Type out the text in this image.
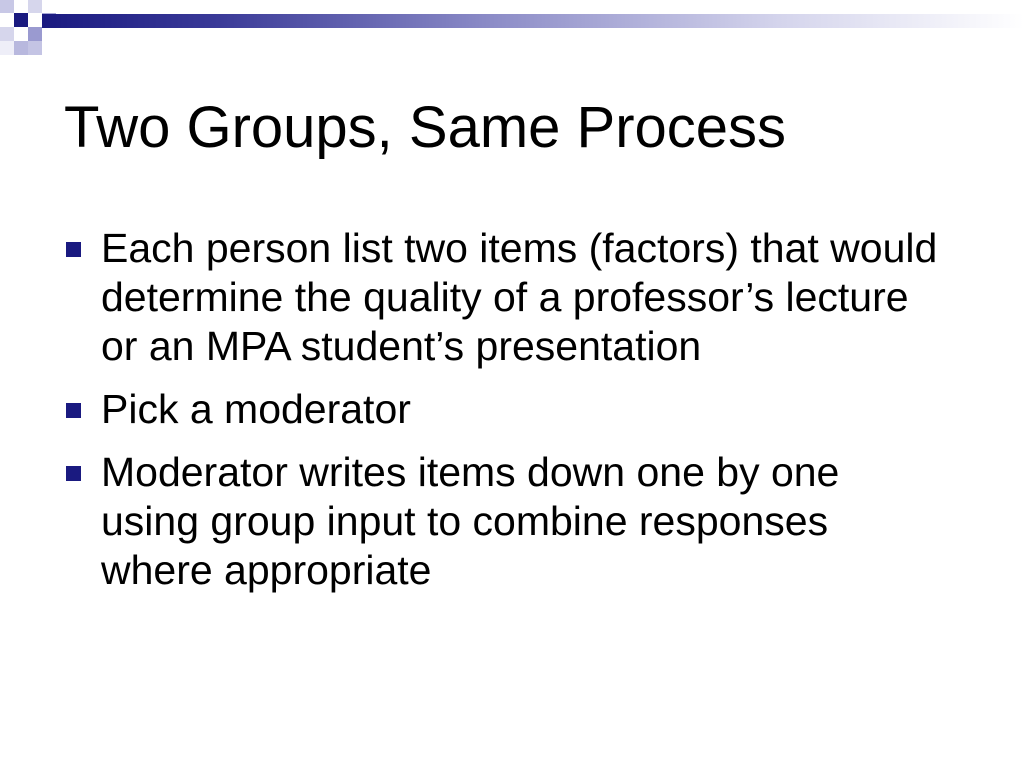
Two Groups, Same Process
Each person list two items (factors) that would determine the quality of a professor’s lecture or an MPA student’s presentation
Pick a moderator
Moderator writes items down one by one using group input to combine responses where appropriate
